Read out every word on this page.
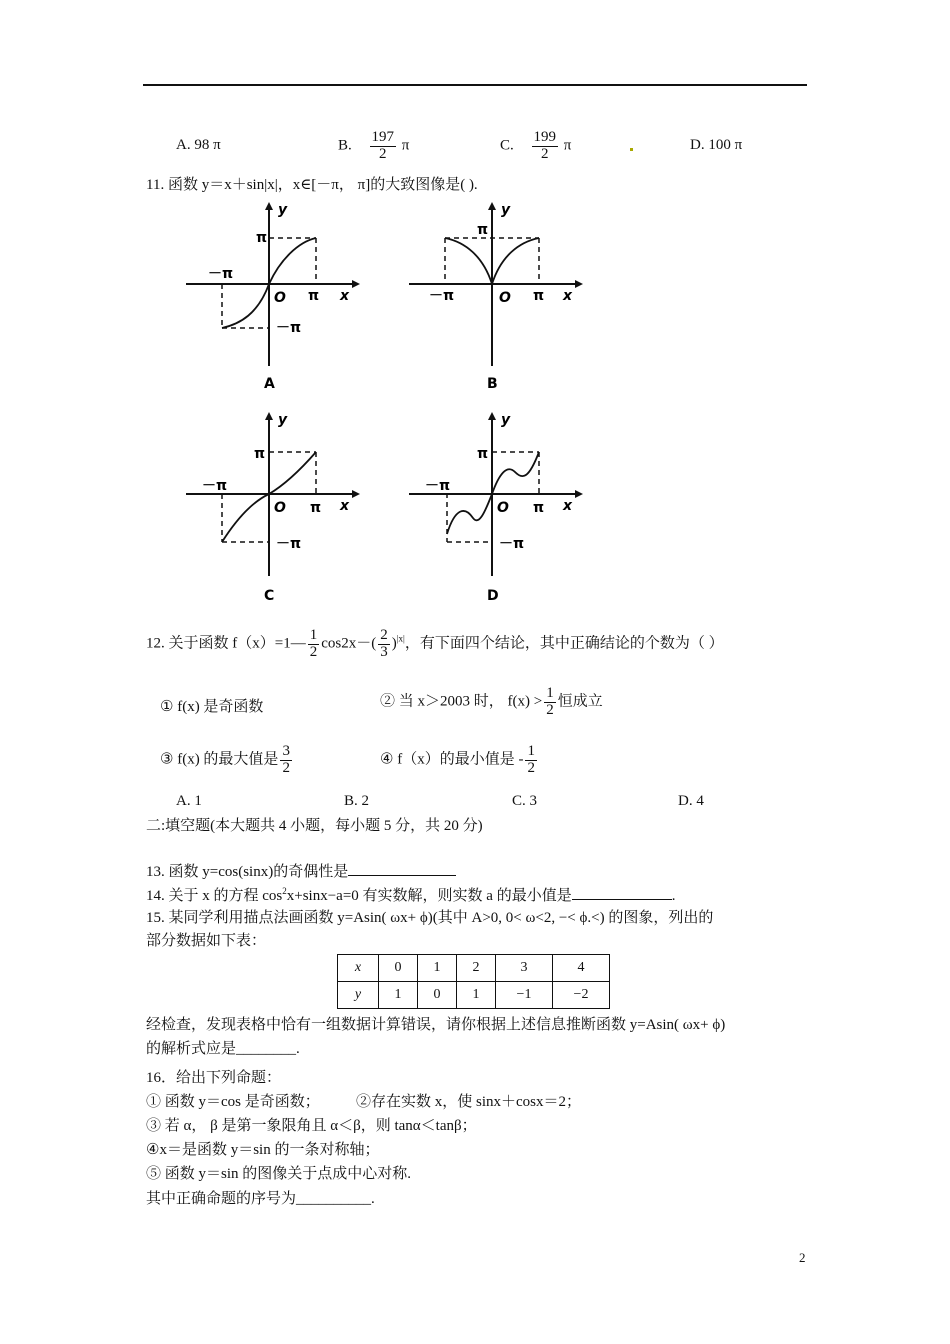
A. 98 π	B. $\frac{197}{2}$ π	C. $\frac{199}{2}$ π	D. 100 π
11. 函数 y＝x＋sin|x|，x∈[－π， π]的大致图像是( ).
π
－π
π
－π
O
y
x
A
π
－π	π
O
y
x
B
π
－π
π
－π
O
y
x
C
π
－π
π
－π
O
y
x
D
12. 关于函数 f（x）=1— $\frac{1}{2} \cos 2x-( \frac{2}{3} )^{|x|}$，有下面四个结论，其中正确结论的个数为（ ）
① f(x) 是奇函数	② 当 x＞2003 时， $f(x) > \frac{1}{2}$ 恒成立
③ f(x) 的最大值是 $\frac{3}{2}$	④ f（x）的最小值是 - $\frac{1}{2}$
A. 1	B. 2	C. 3	D. 4
二:填空题(本大题共 4 小题，每小题 5 分，共 20 分)
13. 函数 y=cos(sinx)的奇偶性是
14. 关于 x 的方程 $\cos^2x+\sin x-a=0$ 有实数解，则实数 a 的最小值是	.
15. 某同学利用描点法画函数 y=Asin( ωx+ ϕ)(其中 A>0, 0< ω<2, −< ϕ.<) 的图象，列出的
部分数据如下表：
x	0	1	2	3	4
y	1	0	1	−1	−2
经检查，发现表格中恰有一组数据计算错误，请你根据上述信息推断函数 y=Asin( ωx+ ϕ)
的解析式应是________.
16．给出下列命题：
① 函数 y＝cos 是奇函数； ②存在实数 x，使 sinx＋cosx＝2；
③ 若 α， β 是第一象限角且 α＜β，则 tanα＜tanβ；
④x＝是函数 y＝sin 的一条对称轴；
⑤ 函数 y＝sin 的图像关于点成中心对称.
其中正确命题的序号为__________.
2
